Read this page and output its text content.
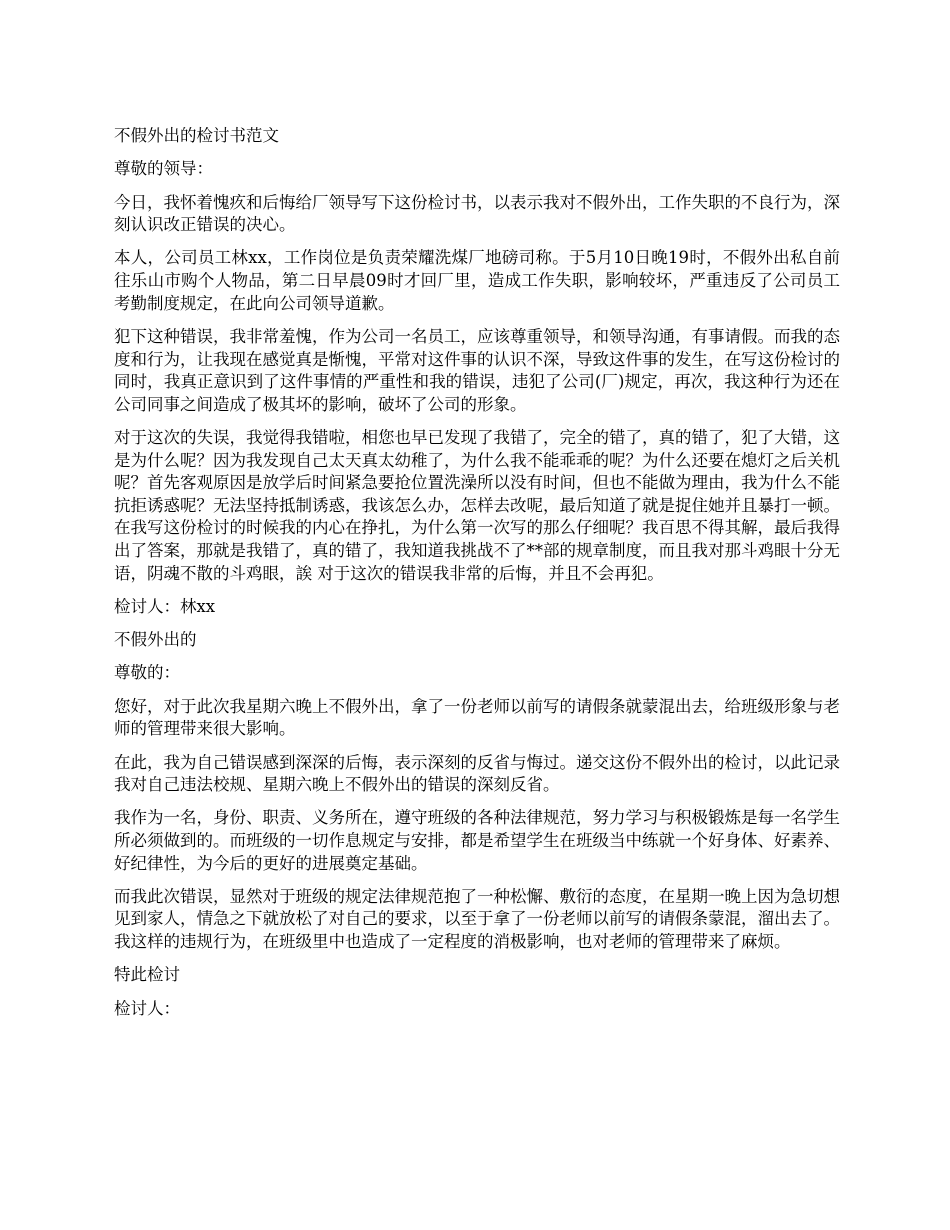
不假外出的检讨书范文

尊敬的领导：

今日，我怀着愧疚和后悔给厂领导写下这份检讨书，以表示我对不假外出，工作失职的不良行为，深刻认识改正错误的决心。

本人，公司员工林xx，工作岗位是负责荣耀洗煤厂地磅司称。于5月10日晚19时，不假外出私自前往乐山市购个人物品，第二日早晨09时才回厂里，造成工作失职，影响较坏，严重违反了公司员工考勤制度规定，在此向公司领导道歉。

犯下这种错误，我非常羞愧，作为公司一名员工，应该尊重领导，和领导沟通，有事请假。而我的态度和行为，让我现在感觉真是惭愧，平常对这件事的认识不深，导致这件事的发生，在写这份检讨的同时，我真正意识到了这件事情的严重性和我的错误，违犯了公司(厂)规定，再次，我这种行为还在公司同事之间造成了极其坏的影响，破坏了公司的形象。

对于这次的失误，我觉得我错啦，相您也早已发现了我错了，完全的错了，真的错了，犯了大错，这是为什么呢？因为我发现自己太天真太幼稚了，为什么我不能乖乖的呢？为什么还要在熄灯之后关机呢？首先客观原因是放学后时间紧急要抢位置洗澡所以没有时间，但也不能做为理由，我为什么不能抗拒诱惑呢？无法坚持抵制诱惑，我该怎么办，怎样去改呢，最后知道了就是捉住她并且暴打一顿。 在我写这份检讨的时候我的内心在挣扎，为什么第一次写的那么仔细呢？我百思不得其解，最后我得出了答案，那就是我错了，真的错了，我知道我挑战不了**部的规章制度，而且我对那斗鸡眼十分无语，阴魂不散的斗鸡眼，誒 对于这次的错误我非常的后悔，并且不会再犯。

检讨人：林xx

不假外出的

尊敬的：

您好，对于此次我星期六晚上不假外出，拿了一份老师以前写的请假条就蒙混出去，给班级形象与老师的管理带来很大影响。

在此，我为自己错误感到深深的后悔，表示深刻的反省与悔过。递交这份不假外出的检讨，以此记录我对自己违法校规、星期六晚上不假外出的错误的深刻反省。

我作为一名，身份、职责、义务所在，遵守班级的各种法律规范，努力学习与积极锻炼是每一名学生所必须做到的。而班级的一切作息规定与安排，都是希望学生在班级当中练就一个好身体、好素养、好纪律性，为今后的更好的进展奠定基础。

而我此次错误，显然对于班级的规定法律规范抱了一种松懈、敷衍的态度，在星期一晚上因为急切想见到家人，情急之下就放松了对自己的要求，以至于拿了一份老师以前写的请假条蒙混，溜出去了。我这样的违规行为，在班级里中也造成了一定程度的消极影响，也对老师的管理带来了麻烦。

特此检讨

检讨人：
